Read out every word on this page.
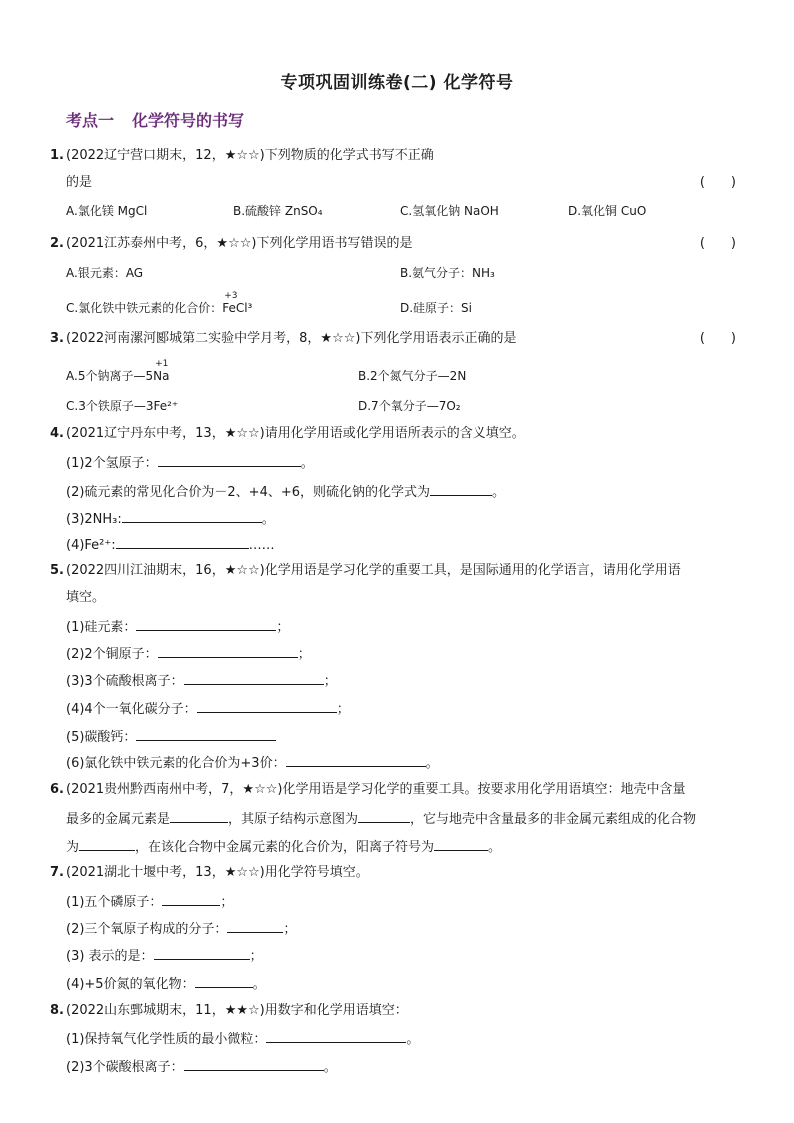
专项巩固训练卷(二) 化学符号
考点一 化学符号的书写
1. (2022辽宁营口期末，12，★☆☆)下列物质的化学式书写不正确
的是	(　　)
A.氯化镁 MgCl	B.硫酸锌 ZnSO₄	C.氢氧化钠 NaOH	D.氧化铜 CuO
2. (2021江苏泰州中考，6，★☆☆)下列化学用语书写错误的是	(　　)
A.银元素：AG	B.氨气分子：NH₃
C.氯化铁中铁元素的化合价：
+3
FeCl³	D.硅原子：Si
3. (2022河南漯河郾城第二实验中学月考，8，★☆☆)下列化学用语表示正确的是	(　　)
A.5个钠离子—5
+1
Na	B.2个氮气分子—2N
C.3个铁原子—3Fe²⁺	D.7个氧分子—7O₂
4. (2021辽宁丹东中考，13，★☆☆)请用化学用语或化学用语所表示的含义填空。
(1)2个氢原子：	。
(2)硫元素的常见化合价为－2、+4、+6，则硫化钠的化学式为	。
(3)2NH₃:	。
(4)Fe²⁺:	……
5. (2022四川江油期末，16，★☆☆)化学用语是学习化学的重要工具，是国际通用的化学语言，请用化学用语
填空。
(1)硅元素：	；
(2)2个铜原子：	；
(3)3个硫酸根离子：	；
(4)4个一氧化碳分子：	；
(5)碳酸钙：
(6)氯化铁中铁元素的化合价为+3价：	。
6. (2021贵州黔西南州中考，7，★☆☆)化学用语是学习化学的重要工具。按要求用化学用语填空：地壳中含量
最多的金属元素是	，其原子结构示意图为	，它与地壳中含量最多的非金属元素组成的化合物
为	，在该化合物中金属元素的化合价为，阳离子符号为	。
7. (2021湖北十堰中考，13，★☆☆)用化学符号填空。
(1)五个磷原子：	；
(2)三个氧原子构成的分子：	；
(3) 表示的是：	；
(4)+5价氮的氧化物：	。
8. (2022山东鄄城期末，11，★★☆)用数字和化学用语填空：
(1)保持氧气化学性质的最小微粒：	。
(2)3个碳酸根离子：	。
